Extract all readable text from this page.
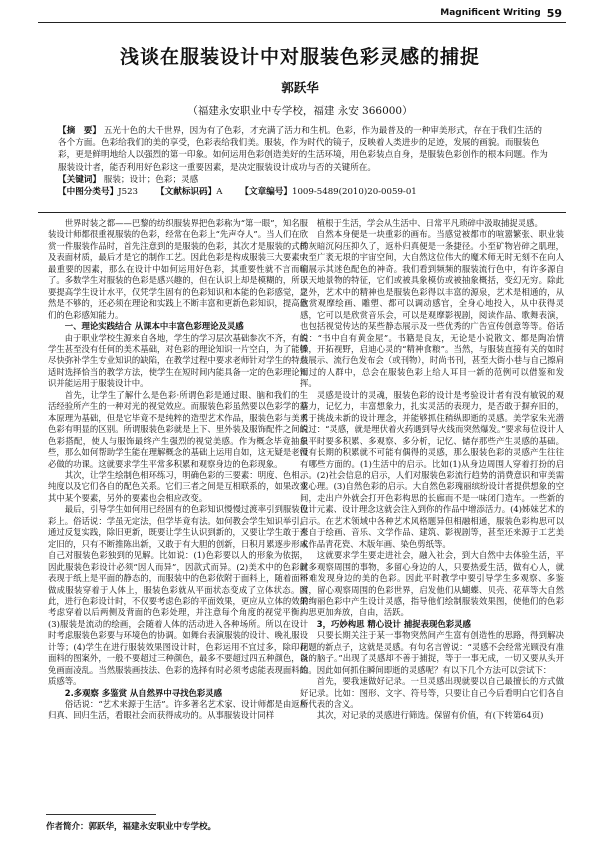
Magnificent Writing 59
浅谈在服装设计中对服装色彩灵感的捕捉
郭跃华
（福建永安职业中专学校，福建 永安 366000）
【摘　要】 五光十色的大千世界，因为有了色彩，才充满了活力和生机。色彩，作为最普及的一种审美形式，存在于我们生活的各个方面。色彩给我们的美的享受，色彩表给我们美。服装，作为时代的镜子，反映着人类进步的足迹，发展的画貌。而服装色彩，更是鲜明地给人以强烈的第一印象。如何运用色彩创造美好的生活环境，用色彩装点自身，是服装色彩创作的根本问题。作为服装设计者，能否利用好色彩这一重要因素，是决定服装设计成功与否的关键所在。
【关键词】 服装；设计；色彩；灵感
【中图分类号】J523 【文献标识码】A 【文章编号】1009-5489(2010)20-0059-01

世界时装之都——巴黎的纺织服装界把色彩称为“第一眼”，知名服装设计师都很重视服装的色彩，经常在色彩上“先声夺人”。当人们在欣赏一件服装作品时，首先注意到的是服装的色彩，其次才是服装的式样及表面材质，最后才是它的制作工艺。因此色彩是构成服装三大要素中最重要的因素，那么在设计中如何运用好色彩，其重要性就不言而喻了。多数学生对服装的色彩是感兴趣的，但在认识上却是模糊的，所以要提高学生设计水平，仅凭学生固有的色彩知识和本能的色彩感觉，显然是不够的，还必须在理论和实践上不断丰富和更新色彩知识，提高他们的色彩感知能力。

一、理论实践结合 从课本中丰富色彩理论及灵感

由于职业学校生源来自各地，学生的学习层次基础参次不齐，有的学生甚至没有任何的美术基础，对色彩的理论知识一片空白，为了能够尽快弥补学生专业知识的缺陷，在教学过程中要求老师针对学生的特点适时选择恰当的教学方法，使学生在短时间内能具备一定的色彩理论知识并能运用于服装设计中。

首先，让学生了解什么是色彩·所谓色彩是通过眼、脑和我们的生活经验所产生的一种对光的视觉效应。而服装色彩虽然要以色彩学的基本原理为基础，但是它毕竟不是纯粹的造型艺术作品，服装色彩与美术色彩有明显的区别。所谓服装色彩就是上下、里外装及服饰配件之间的色彩搭配，使人与服饰最终产生强烈的视觉美感。作为概念毕竟抽象些，那么如何帮助学生能在理解概念的基础上运用自如，这无疑是老师必做的功课。这就要求学生平常多积累和观察身边的色彩现象。

其次，让学生绘制色相环练习，明确色彩的三要素：明度、色相、纯度以及它们各自的配色关系。它们三者之间是互相联系的，如果改变其中某个要素，另外的要素也会相应改变。

最后，引导学生如何用已经固有的色彩知识慢慢过渡率引到服装色彩上。俗话说：学虽无定法，但学毕竟有法。如何教会学生知识举引，通过反复实践，除旧更新，既要让学生认识到新的，又要让学生敢于否定旧的，只有不断推陈出新，又敢于有大胆的创新，日积月累逐步形成自己对服装色彩独到的见解。比如说：(1)色彩要以人的形象为依据，因此服装色彩设计必须“因人而异”，因款式而异。(2)美术中的色彩就表现于纸上是平面的静态的，而服装中的色彩依附于面料上，随着面料做成服装穿着于人体上，服装色彩就从平面状态变成了立体状态。因此，进行色彩设计时，不仅要考虑色彩的平面效果，更应从立体的效果考虑穿着以后两侧及背面的色彩处理，并注意每个角度的视觉平衡。(3)服装是流动的绘画，会随着人体的活动进入各种场所。所以在设计时考虑服装色彩要与环境色的协调。如舞台表演服装的设计、晚礼服设计等；(4)学生在进行服装效果图设计时，色彩运用不宜过多，除印花面料的图案外，一般不要超过三种颜色，最多不要超过四五种颜色，以免画面凌乱。当然服装画技法、色彩的选择有时必须考虑能表现面料的质感等。

2.多观察 多鉴赏 从自然界中寻找色彩灵感

俗话说：“艺术来源于生活”。许多著名艺术家、设计师都是由返朴归真、回归生活，看眼社会而获得成功的。从事服装设计同样

植根于生活，学会从生活中、日常平凡琐碎中汲取捕捉灵感。

自然本身便是一块重彩的画布。当感觉被都市的喧嚣繁张、职业装的灰暗沉闷压抑久了，返朴归真便是一条捷径。小至矿物岩碎之肌理，大至广袤无垠的宇宙空间，大自然这位伟大的魔术师无时无刻不在向人们展示其迷色配色的神奇。我们看到频频的服装流行色中，有许多源自于天地景物的特征，它们或被具象模仿或被抽象概括，变幻无穷。除此之外，艺术中的精神也是服装色彩得以丰富的源泉，艺术是相通的，从欣赏观摩绘画、雕塑、都可以调动感官，全身心地投入，从中获得灵感，它可以是欣赏音乐会，可以是观摩影视剧，阅读作品、歌舞表演，也包括视觉传达的某些静态展示及一些优秀的广告宣传创意等等。俗话说：“书中自有黄金屋”。书籍是良友，无论是小说散文、都是陶冶情操，开拓视野，启迪心灵的“精神食粮”。当然，与服装直接有关的如时装展示、流行色发布会（或刊物），时尚书刊，甚至大街小巷与自己擦肩而过的人群中，总会在服装色彩上给人耳目一新的范例可以借鉴和发挥。

灵感是设计的灵魂，服装色彩的设计是考验设计者有没有敏锐的观察力，记忆力，丰富想象力，扎实灵活的表现力，是否敢于摒弃旧的，勇于挑战未新的设计理念，并能够抓住稍纵即逝的灵感。美学家朱光潜说过：“灵感，就是埋伏着火药遇到导火线而突然爆发。”要求每位设计人员平时要多积累、多观察、多分析，记忆、储存那些产生灵感的基础。没有长期的积累就不可能有偶得的灵感，那么服装色彩的灵感产生往往有哪些方面的。(1)生活中的启示。比如(1)从身边周围人穿着打扮的启示。(2)社会信息的启示，人们对服装色彩流行趋势的消费意识和审美需求心理。(3)自然色彩的启示。大自然色彩瑰丽缤纷设计者提供想象的空间，走出户外就会打开色彩构思的长廊而不是一味闭门造车。一些新的设计元素、设计理念这就会注入到你的作品中增添活力。(4)姊妹艺术的启示。在艺术领域中各种艺术风格题异但相融相通，服装色彩构思可以来自于绘画、音乐、文学作品、建筑、影视剧等，甚至还来源于工艺美术作品青花瓷、木版年画、染色剪纸等。

这就要求学生要走进社会，融入社会，到大自然中去体验生活，平时多观察周围的事物，多留心身边的人，只要热爱生活，做有心人，就不难发现身边的美的色彩。因此平时教学中要引导学生多观察、多鉴赏，留心观察周围的色彩世界，启发他们从蝴蝶、贝壳、花草等大自然的绚丽色彩中产生设计灵感，指导他们绘制服装效果图，使他们的色彩构思更加奔放，自由，活跃。

3，巧妙构思 精心设计 捕捉表现色彩灵感

只要长期关注于某一事物突然间产生富有创造性的思路，得到解决问题的新点子，这就是灵感。有句名言曾说：“灵感不会经常光顾没有准备的脑子。”出现了灵感却不善于捕捉，等于一事无成，一切又要从头开始。因此如何抓住瞬间即逝的灵感呢？有以下几个方法可以尝试下：

首先，要我速做好记录。一旦灵感出现就要以自己最擅长的方式做好记录。比如：图形、文字、符号等，只要让自己今后看明白它们各自所代表的含义。

其次，对记录的灵感进行筛选。保留有价值，有(下转第64页)

作者简介：郭跃华，福建永安职业中专学校。
